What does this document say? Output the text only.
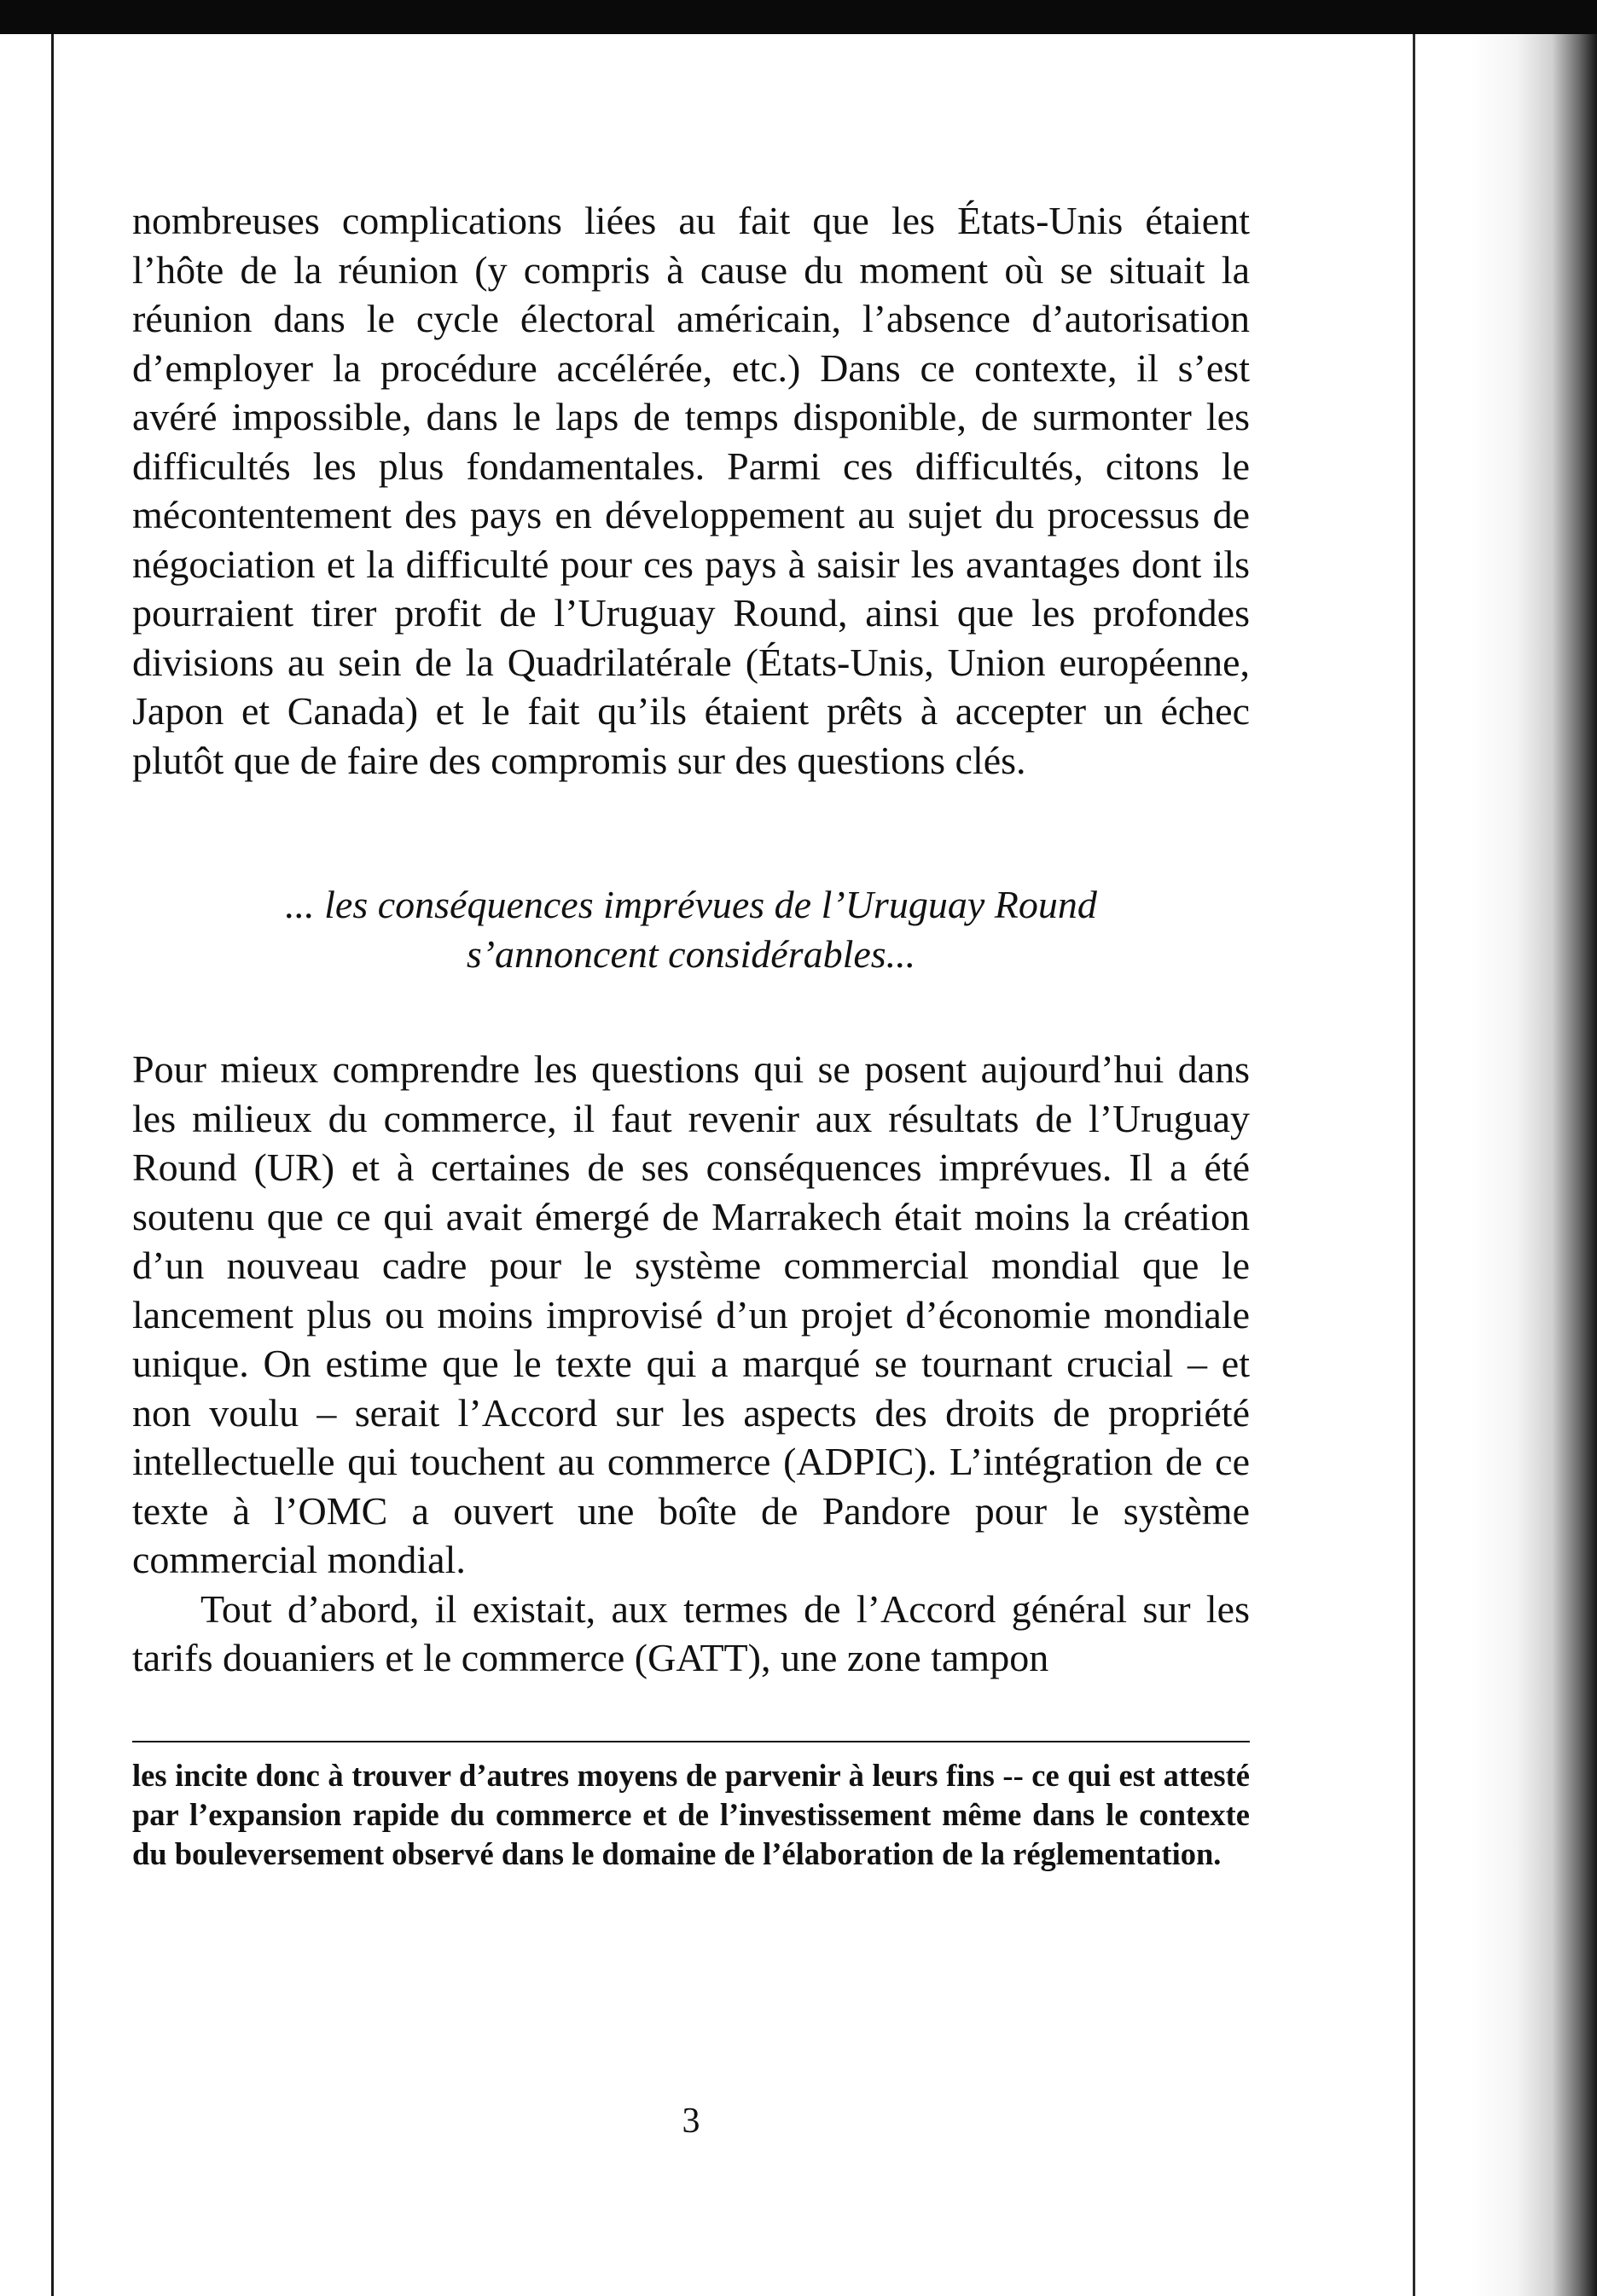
nombreuses complications liées au fait que les États-Unis étaient l’hôte de la réunion (y compris à cause du moment où se situait la réunion dans le cycle électoral américain, l’absence d’autorisation d’employer la procédure accélérée, etc.) Dans ce contexte, il s’est avéré impossible, dans le laps de temps disponible, de surmonter les difficultés les plus fondamentales. Parmi ces difficultés, citons le mécontentement des pays en développement au sujet du processus de négociation et la difficulté pour ces pays à saisir les avantages dont ils pourraient tirer profit de l’Uruguay Round, ainsi que les profondes divisions au sein de la Quadrilatérale (États-Unis, Union européenne, Japon et Canada) et le fait qu’ils étaient prêts à accepter un échec plutôt que de faire des compromis sur des questions clés.

... les conséquences imprévues de l’Uruguay Round
s’annoncent considérables...

Pour mieux comprendre les questions qui se posent aujourd’hui dans les milieux du commerce, il faut revenir aux résultats de l’Uruguay Round (UR) et à certaines de ses conséquences imprévues. Il a été soutenu que ce qui avait émergé de Marrakech était moins la création d’un nouveau cadre pour le système commercial mondial que le lancement plus ou moins improvisé d’un projet d’économie mondiale unique. On estime que le texte qui a marqué se tournant crucial – et non voulu – serait l’Accord sur les aspects des droits de propriété intellectuelle qui touchent au commerce (ADPIC). L’intégration de ce texte à l’OMC a ouvert une boîte de Pandore pour le système commercial mondial.

Tout d’abord, il existait, aux termes de l’Accord général sur les tarifs douaniers et le commerce (GATT), une zone tampon

les incite donc à trouver d’autres moyens de parvenir à leurs fins -- ce qui est attesté par l’expansion rapide du commerce et de l’investissement même dans le contexte du bouleversement observé dans le domaine de l’élaboration de la réglementation.

3
